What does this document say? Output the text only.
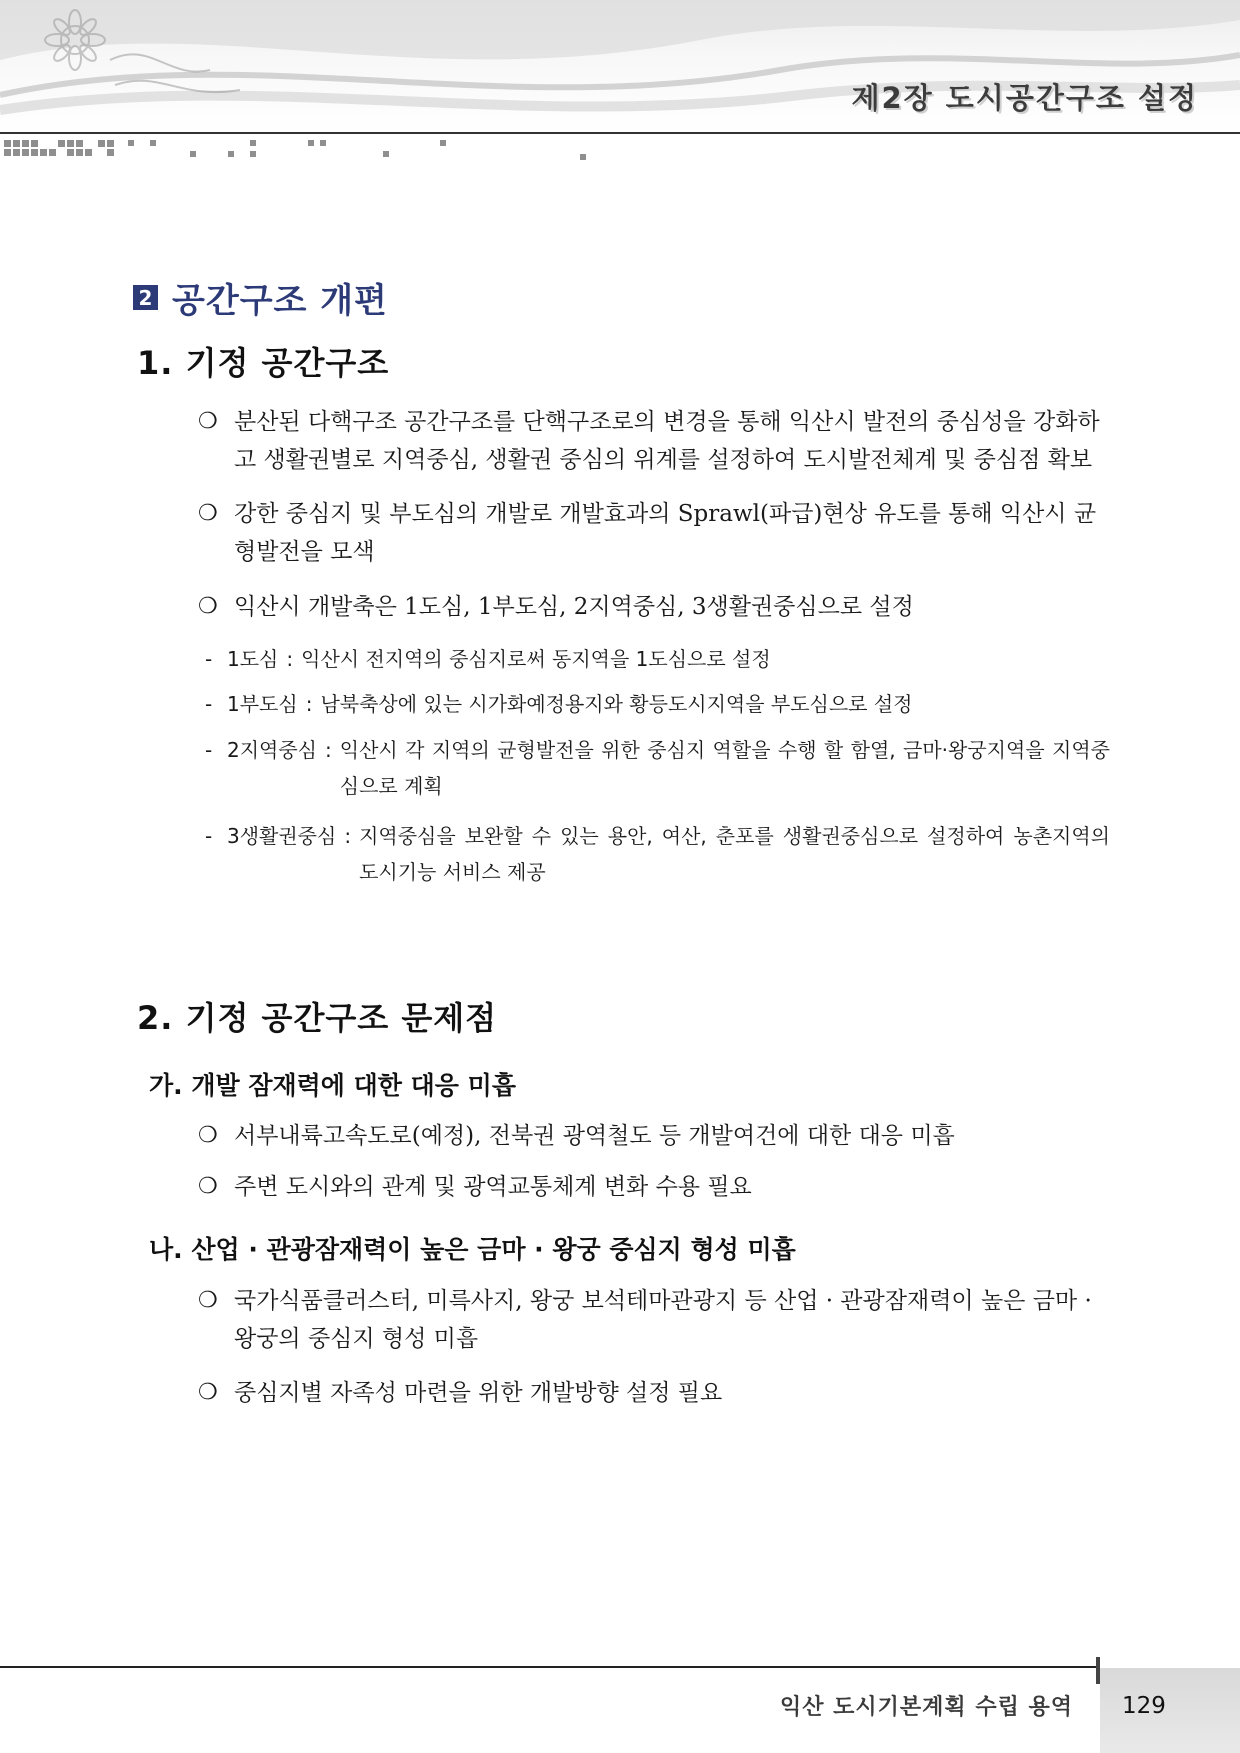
제2장 도시공간구조 설정
2 공간구조 개편
1. 기정 공간구조
❍ 분산된 다핵구조 공간구조를 단핵구조로의 변경을 통해 익산시 발전의 중심성을 강화하고 생활권별로 지역중심, 생활권 중심의 위계를 설정하여 도시발전체계 및 중심점 확보
❍ 강한 중심지 및 부도심의 개발로 개발효과의 Sprawl(파급)현상 유도를 통해 익산시 균형발전을 모색
❍ 익산시 개발축은 1도심, 1부도심, 2지역중심, 3생활권중심으로 설정
- 1도심 : 익산시 전지역의 중심지로써 동지역을 1도심으로 설정
- 1부도심 : 남북축상에 있는 시가화예정용지와 황등도시지역을 부도심으로 설정
- 2지역중심 : 익산시 각 지역의 균형발전을 위한 중심지 역할을 수행 할 함열, 금마·왕궁지역을 지역중심으로 계획
- 3생활권중심 : 지역중심을 보완할 수 있는 용안, 여산, 춘포를 생활권중심으로 설정하여 농촌지역의 도시기능 서비스 제공
2. 기정 공간구조 문제점
가. 개발 잠재력에 대한 대응 미흡
❍ 서부내륙고속도로(예정), 전북권 광역철도 등 개발여건에 대한 대응 미흡
❍ 주변 도시와의 관계 및 광역교통체계 변화 수용 필요
나. 산업 · 관광잠재력이 높은 금마 · 왕궁 중심지 형성 미흡
❍ 국가식품클러스터, 미륵사지, 왕궁 보석테마관광지 등 산업 · 관광잠재력이 높은 금마 · 왕궁의 중심지 형성 미흡
❍ 중심지별 자족성 마련을 위한 개발방향 설정 필요
익산 도시기본계획 수립 용역 129
